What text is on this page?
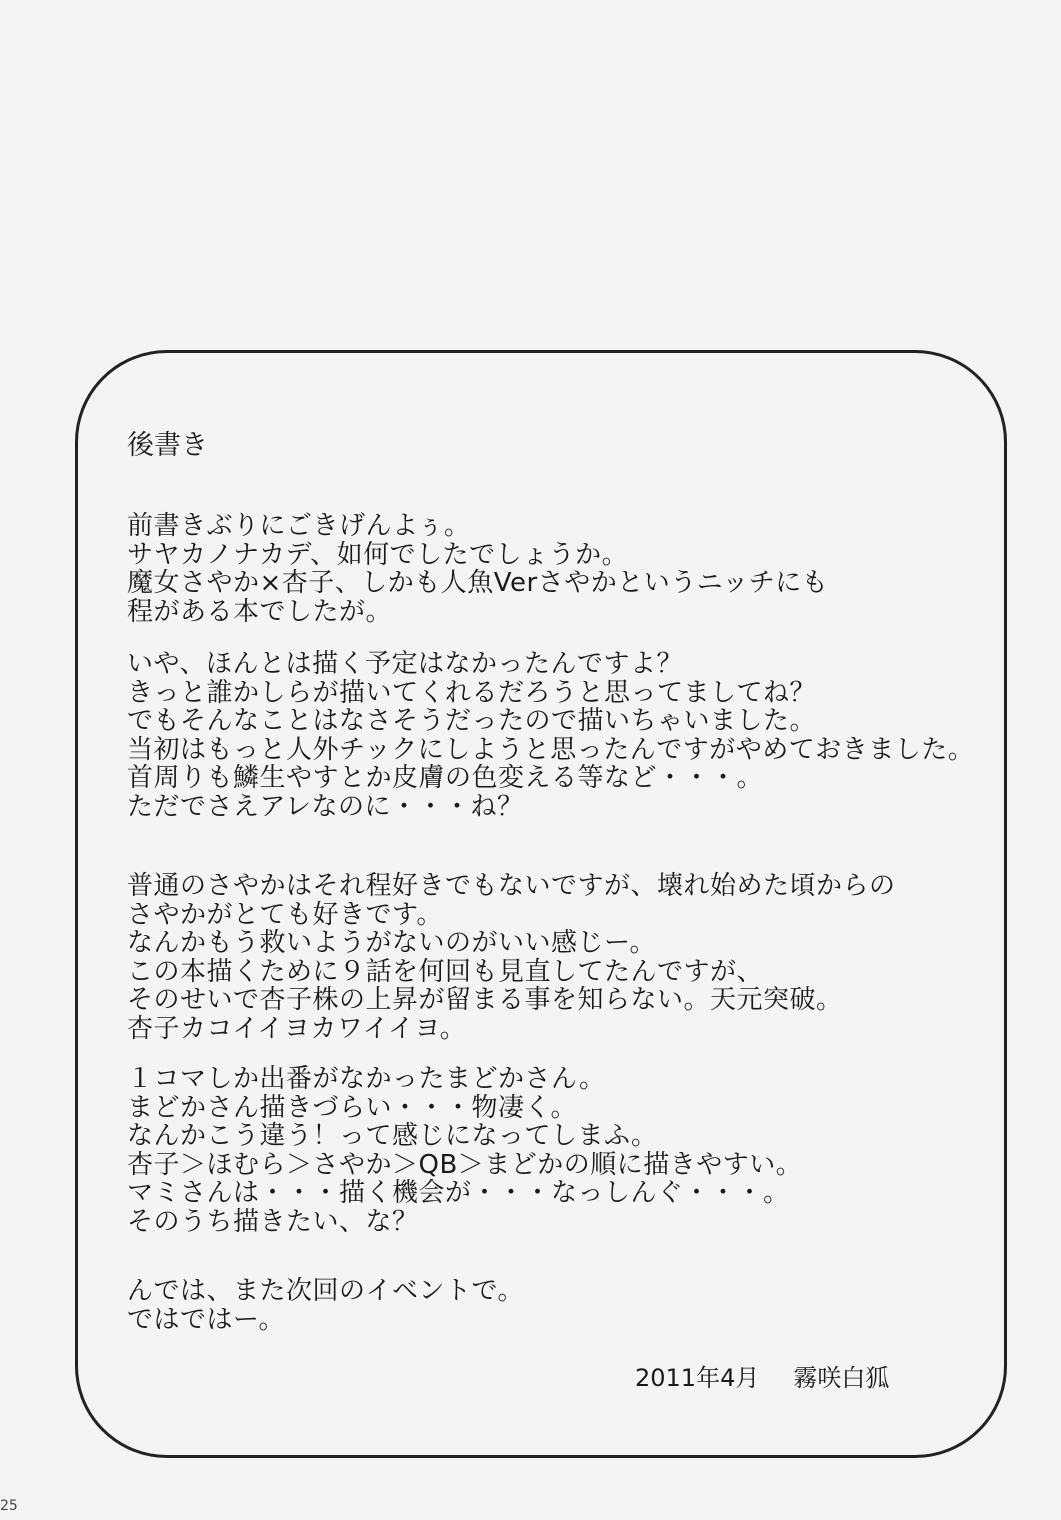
後書き
前書きぶりにごきげんよぅ。
サヤカノナカデ、如何でしたでしょうか。
魔女さやか×杏子、しかも人魚Verさやかというニッチにも
程がある本でしたが。
いや、ほんとは描く予定はなかったんですよ？
きっと誰かしらが描いてくれるだろうと思ってましてね？
でもそんなことはなさそうだったので描いちゃいました。
当初はもっと人外チックにしようと思ったんですがやめておきました。
首周りも鱗生やすとか皮膚の色変える等など・・・。
ただでさえアレなのに・・・ね？
普通のさやかはそれ程好きでもないですが、壊れ始めた頃からの
さやかがとても好きです。
なんかもう救いようがないのがいい感じー。
この本描くために９話を何回も見直してたんですが、
そのせいで杏子株の上昇が留まる事を知らない。天元突破。
杏子カコイイヨカワイイヨ。
１コマしか出番がなかったまどかさん。
まどかさん描きづらい・・・物凄く。
なんかこう違う！って感じになってしまふ。
杏子＞ほむら＞さやか＞QB＞まどかの順に描きやすい。
マミさんは・・・描く機会が・・・なっしんぐ・・・。
そのうち描きたい、な？
んでは、また次回のイベントで。
ではではー。
2011年4月 霧咲白狐
25
